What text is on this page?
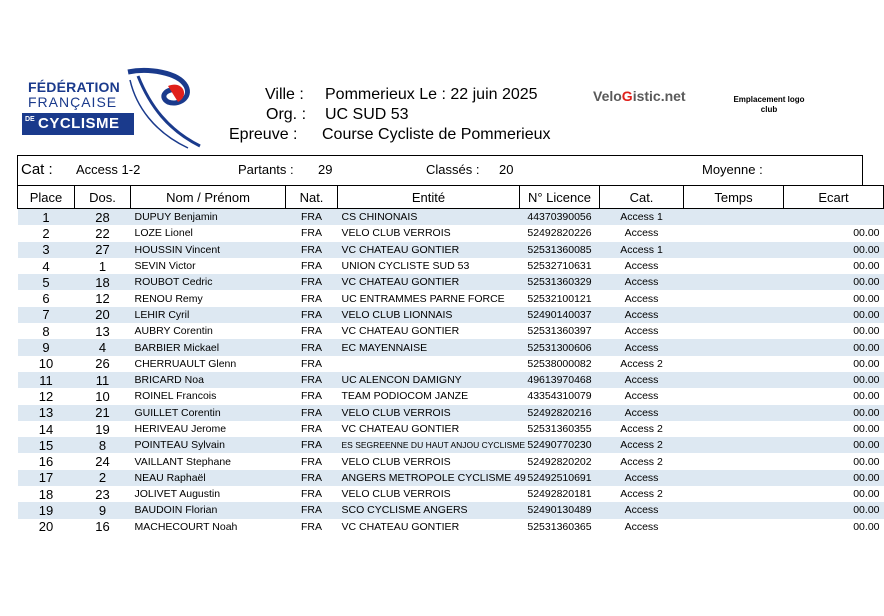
FÉDÉRATION
FRANÇAISE
DE CYCLISME
Ville : Pommerieux Le : 22 juin 2025
Org. : UC SUD 53
Epreuve : Course Cycliste de Pommerieux
VeloGistic.net	Emplacement logo club
Cat : Access 1-2	Partants : 29	Classés : 20	Moyenne :
Place	Dos.	Nom / Prénom	Nat.	Entité	N° Licence	Cat.	Temps	Ecart
1	28	DUPUY Benjamin	FRA	CS CHINONAIS	44370390056	Access 1		
2	22	LOZE Lionel	FRA	VELO CLUB VERROIS	52492820226	Access		00.00
3	27	HOUSSIN Vincent	FRA	VC CHATEAU GONTIER	52531360085	Access 1		00.00
4	1	SEVIN Victor	FRA	UNION CYCLISTE SUD 53	52532710631	Access		00.00
5	18	ROUBOT Cedric	FRA	VC CHATEAU GONTIER	52531360329	Access		00.00
6	12	RENOU Remy	FRA	UC ENTRAMMES PARNE FORCE	52532100121	Access		00.00
7	20	LEHIR Cyril	FRA	VELO CLUB LIONNAIS	52490140037	Access		00.00
8	13	AUBRY Corentin	FRA	VC CHATEAU GONTIER	52531360397	Access		00.00
9	4	BARBIER Mickael	FRA	EC MAYENNAISE	52531300606	Access		00.00
10	26	CHERRUAULT Glenn	FRA		52538000082	Access 2		00.00
11	11	BRICARD Noa	FRA	UC ALENCON DAMIGNY	49613970468	Access		00.00
12	10	ROINEL Francois	FRA	TEAM PODIOCOM JANZE	43354310079	Access		00.00
13	21	GUILLET Corentin	FRA	VELO CLUB VERROIS	52492820216	Access		00.00
14	19	HERIVEAU Jerome	FRA	VC CHATEAU GONTIER	52531360355	Access 2		00.00
15	8	POINTEAU Sylvain	FRA	ES SEGREENNE DU HAUT ANJOU CYCLISME	52490770230	Access 2		00.00
16	24	VAILLANT Stephane	FRA	VELO CLUB VERROIS	52492820202	Access 2		00.00
17	2	NEAU Raphaël	FRA	ANGERS METROPOLE CYCLISME 49	52492510691	Access		00.00
18	23	JOLIVET Augustin	FRA	VELO CLUB VERROIS	52492820181	Access 2		00.00
19	9	BAUDOIN Florian	FRA	SCO CYCLISME ANGERS	52490130489	Access		00.00
20	16	MACHECOURT Noah	FRA	VC CHATEAU GONTIER	52531360365	Access		00.00
